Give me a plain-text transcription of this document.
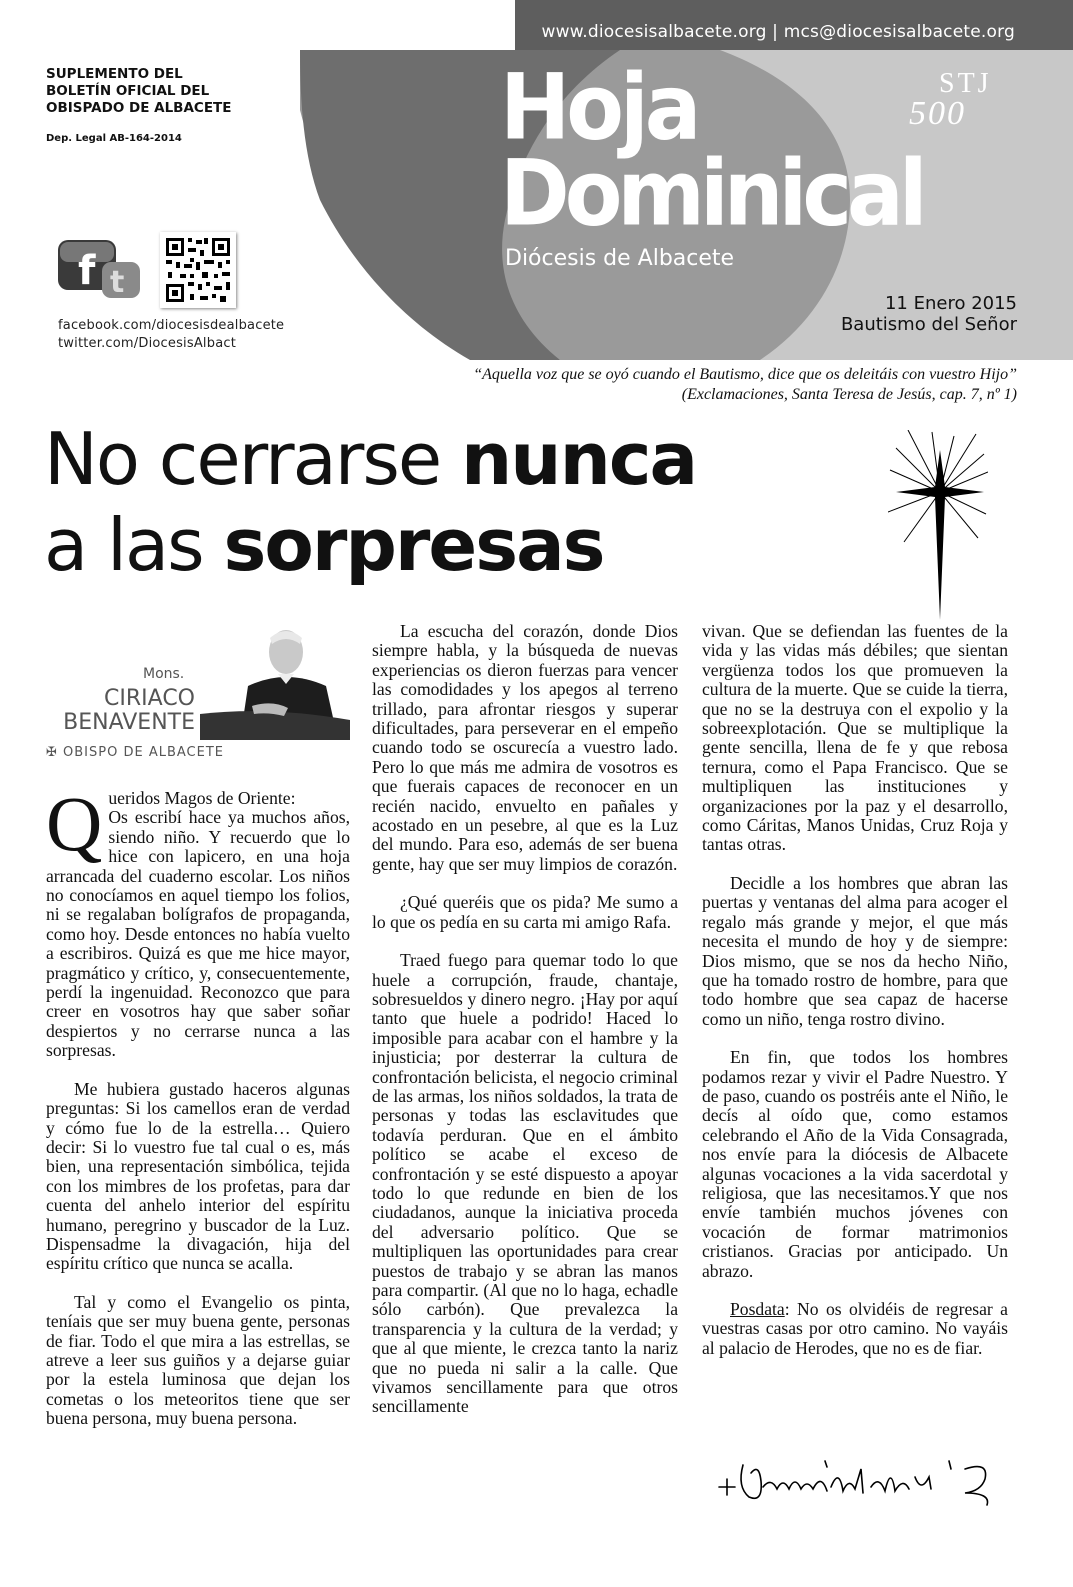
www.diocesisalbacete.org | mcs@diocesisalbacete.org
SUPLEMENTO DEL
BOLETÍN OFICIAL DEL
OBISPADO DE ALBACETE
Dep. Legal AB-164-2014
f t
facebook.com/diocesisdealbacete
twitter.com/DiocesisAlbact
Hoja
Dominical
Diócesis de Albacete
STJ
500
11 Enero 2015
Bautismo del Señor
“Aquella voz que se oyó cuando el Bautismo, dice que os deleitáis con vuestro Hijo”
(Exclamaciones, Santa Teresa de Jesús, cap. 7, nº 1)
No cerrarse nunca
a las sorpresas
Mons.
CIRIACO
BENAVENTE
✠ OBISPO DE ALBACETE

Queridos Magos de Oriente:
Os escribí hace ya muchos años, siendo niño. Y recuerdo que lo hice con lapicero, en una hoja arrancada del cuaderno escolar. Los niños no conocíamos en aquel tiempo los folios, ni se regalaban bolígrafos de propaganda, como hoy. Desde entonces no había vuelto a escribiros. Quizá es que me hice mayor, pragmático y crítico, y, consecuentemente, perdí la ingenuidad. Reconozco que para creer en vosotros hay que saber soñar despiertos y no cerrarse nunca a las sorpresas.

Me hubiera gustado haceros algunas preguntas: Si los camellos eran de verdad y cómo fue lo de la estrella… Quiero decir: Si lo vuestro fue tal cual o es, más bien, una representación simbólica, tejida con los mimbres de los profetas, para dar cuenta del anhelo interior del espíritu humano, peregrino y buscador de la Luz. Dispensadme la divagación, hija del espíritu crítico que nunca se acalla.

Tal y como el Evangelio os pinta, teníais que ser muy buena gente, personas de fiar. Todo el que mira a las estrellas, se atreve a leer sus guiños y a dejarse guiar por la estela luminosa que dejan los cometas o los meteoritos tiene que ser buena persona, muy buena persona.

La escucha del corazón, donde Dios siempre habla, y la búsqueda de nuevas experiencias os dieron fuerzas para vencer las comodidades y los apegos al terreno trillado, para afrontar riesgos y superar dificultades, para perseverar en el empeño cuando todo se oscurecía a vuestro lado. Pero lo que más me admira de vosotros es que fuerais capaces de reconocer en un recién nacido, envuelto en pañales y acostado en un pesebre, al que es la Luz del mundo. Para eso, además de ser buena gente, hay que ser muy limpios de corazón.

¿Qué queréis que os pida? Me sumo a lo que os pedía en su carta mi amigo Rafa.

Traed fuego para quemar todo lo que huele a corrupción, fraude, chantaje, sobresueldos y dinero negro. ¡Hay por aquí tanto que huele a podrido! Haced lo imposible para acabar con el hambre y la injusticia; por desterrar la cultura de confrontación belicista, el negocio criminal de las armas, los niños soldados, la trata de personas y todas las esclavitudes que todavía perduran. Que en el ámbito político se acabe el exceso de confrontación y se esté dispuesto a apoyar todo lo que redunde en bien de los ciudadanos, aunque la iniciativa proceda del adversario político. Que se multipliquen las oportunidades para crear puestos de trabajo y se abran las manos para compartir. (Al que no lo haga, echadle sólo carbón). Que prevalezca la transparencia y la cultura de la verdad; y que al que miente, le crezca tanto la nariz que no pueda ni salir a la calle. Que vivamos sencillamente para que otros sencillamente

vivan. Que se defiendan las fuentes de la vida y las vidas más débiles; que sientan vergüenza todos los que promueven la cultura de la muerte. Que se cuide la tierra, que no se la destruya con el expolio y la sobreexplotación. Que se multiplique la gente sencilla, llena de fe y que rebosa ternura, como el Papa Francisco. Que se multipliquen las instituciones y organizaciones por la paz y el desarrollo, como Cáritas, Manos Unidas, Cruz Roja y tantas otras.

Decidle a los hombres que abran las puertas y ventanas del alma para acoger el regalo más grande y mejor, el que más necesita el mundo de hoy y de siempre: Dios mismo, que se nos da hecho Niño, que ha tomado rostro de hombre, para que todo hombre que sea capaz de hacerse como un niño, tenga rostro divino.

En fin, que todos los hombres podamos rezar y vivir el Padre Nuestro. Y de paso, cuando os postréis ante el Niño, le decís al oído que, como estamos celebrando el Año de la Vida Consagrada, nos envíe para la diócesis de Albacete algunas vocaciones a la vida sacerdotal y religiosa, que las necesitamos.Y que nos envíe también muchos jóvenes con vocación de formar matrimonios cristianos. Gracias por anticipado. Un abrazo.

Posdata: No os olvidéis de regresar a vuestras casas por otro camino. No vayáis al palacio de Herodes, que no es de fiar.
